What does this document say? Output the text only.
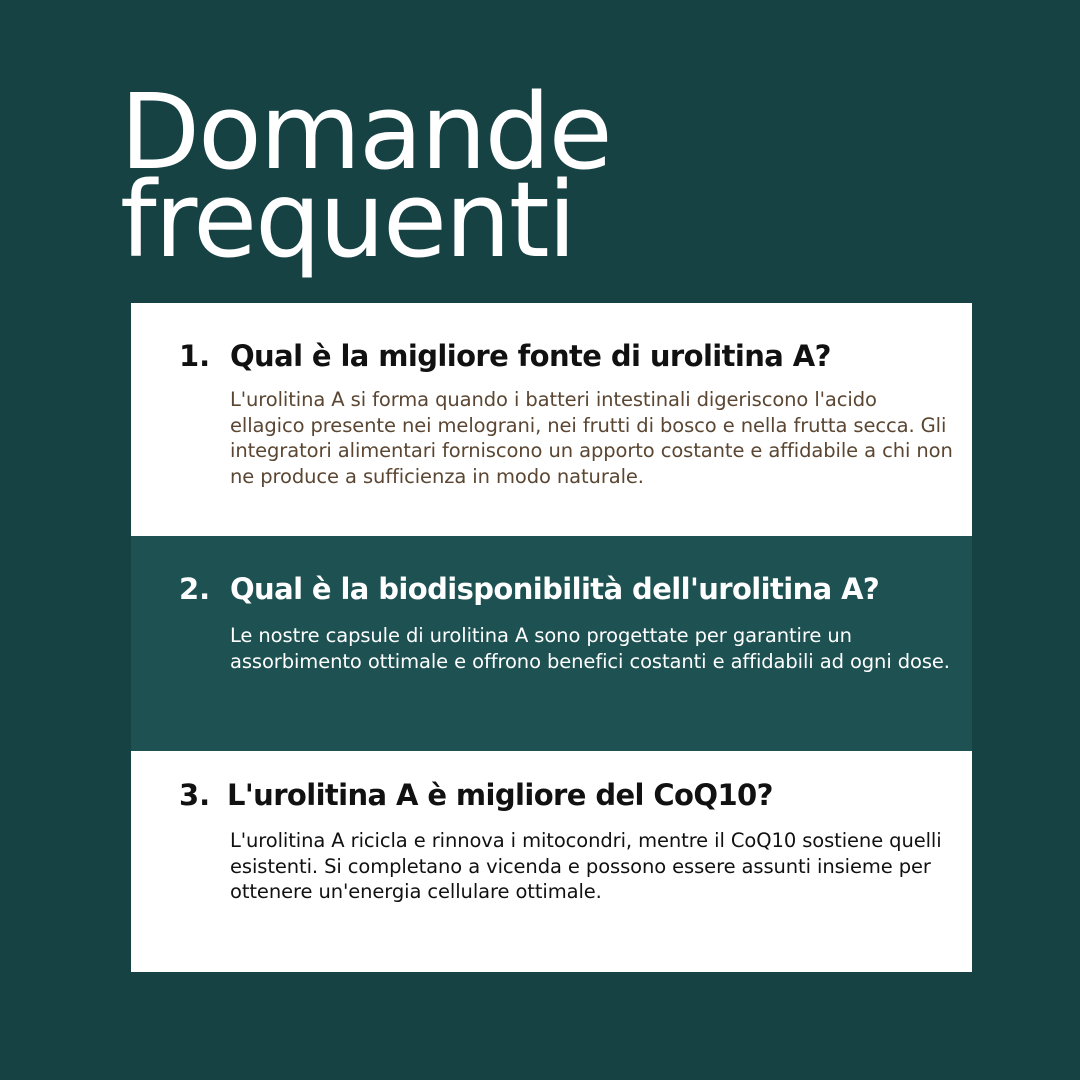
Domande
frequenti
1. Qual è la migliore fonte di urolitina A?

L'urolitina A si forma quando i batteri intestinali digeriscono l'acido ellagico presente nei melograni, nei frutti di bosco e nella frutta secca. Gli integratori alimentari forniscono un apporto costante e affidabile a chi non ne produce a sufficienza in modo naturale.

2. Qual è la biodisponibilità dell'urolitina A?

Le nostre capsule di urolitina A sono progettate per garantire un assorbimento ottimale e offrono benefici costanti e affidabili ad ogni dose.

3. L'urolitina A è migliore del CoQ10?

L'urolitina A ricicla e rinnova i mitocondri, mentre il CoQ10 sostiene quelli esistenti. Si completano a vicenda e possono essere assunti insieme per ottenere un'energia cellulare ottimale.
